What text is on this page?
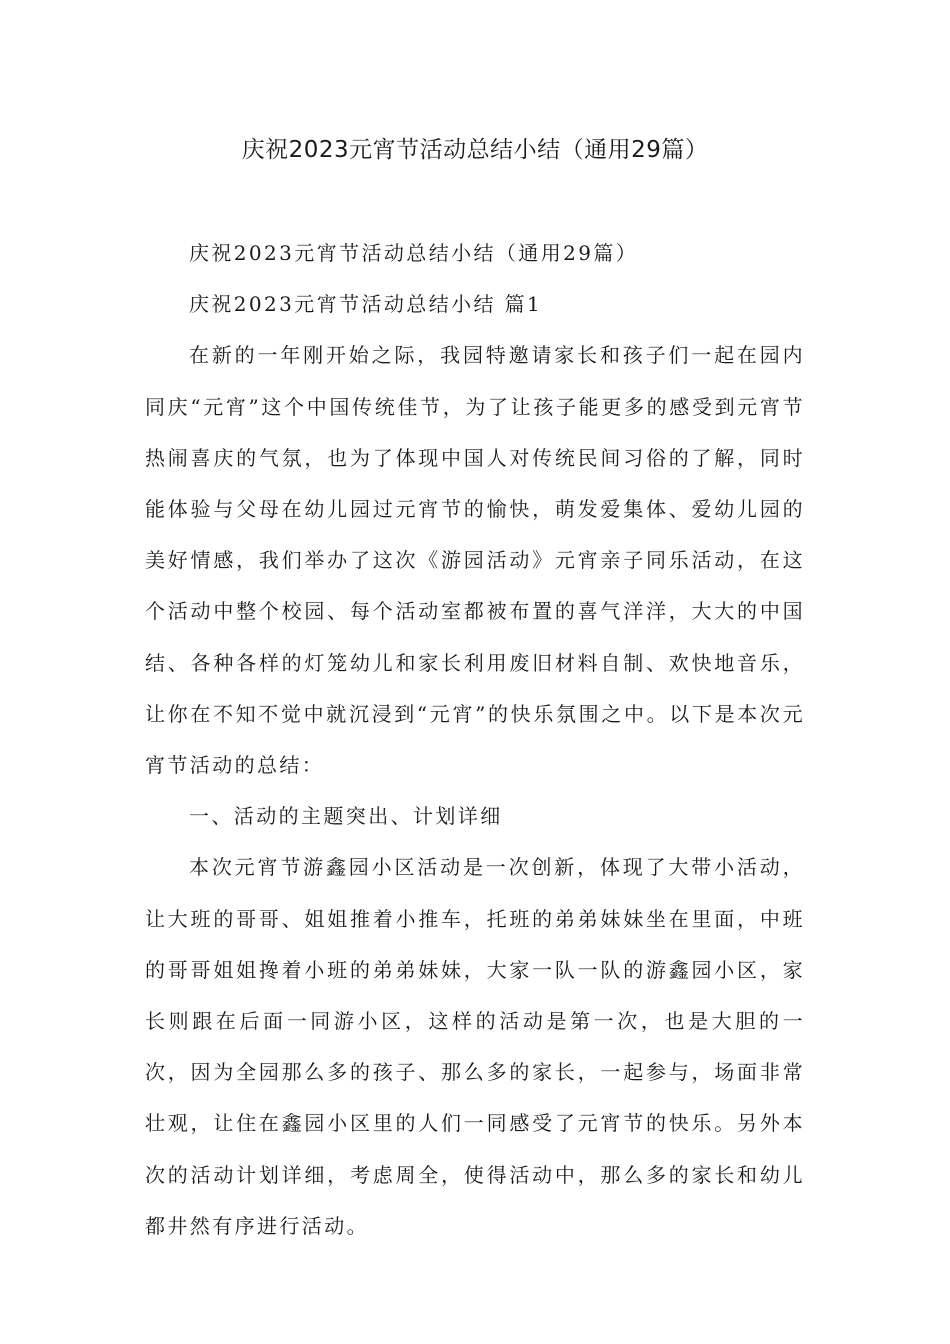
庆祝2023元宵节活动总结小结（通用29篇）

庆祝2023元宵节活动总结小结（通用29篇）

庆祝2023元宵节活动总结小结 篇1

在新的一年刚开始之际，我园特邀请家长和孩子们一起在园内同庆“元宵”这个中国传统佳节，为了让孩子能更多的感受到元宵节热闹喜庆的气氛，也为了体现中国人对传统民间习俗的了解，同时能体验与父母在幼儿园过元宵节的愉快，萌发爱集体、爱幼儿园的美好情感，我们举办了这次《游园活动》元宵亲子同乐活动，在这个活动中整个校园、每个活动室都被布置的喜气洋洋，大大的中国结、各种各样的灯笼幼儿和家长利用废旧材料自制、欢快地音乐，让你在不知不觉中就沉浸到“元宵”的快乐氛围之中。以下是本次元宵节活动的总结：

一、活动的主题突出、计划详细

本次元宵节游鑫园小区活动是一次创新，体现了大带小活动，让大班的哥哥、姐姐推着小推车，托班的弟弟妹妹坐在里面，中班的哥哥姐姐搀着小班的弟弟妹妹，大家一队一队的游鑫园小区，家长则跟在后面一同游小区，这样的活动是第一次，也是大胆的一次，因为全园那么多的孩子、那么多的家长，一起参与，场面非常壮观，让住在鑫园小区里的人们一同感受了元宵节的快乐。另外本次的活动计划详细，考虑周全，使得活动中，那么多的家长和幼儿都井然有序进行活动。
